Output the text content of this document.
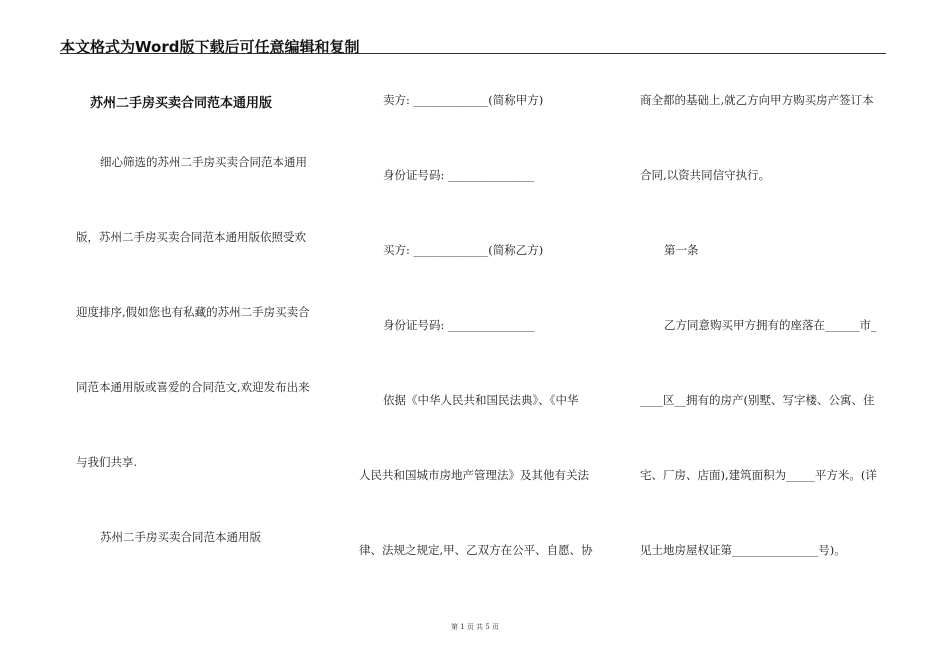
本文格式为Word版下载后可任意编辑和复制
苏州二手房买卖合同范本通用版
细心筛选的苏州二手房买卖合同范本通用
版，苏州二手房买卖合同范本通用版依照受欢
迎度排序,假如您也有私藏的苏州二手房买卖合
同范本通用版或喜爱的合同范文,欢迎发布出来
与我们共享.
苏州二手房买卖合同范本通用版
卖方: _____________(简称甲方)
身份证号码: _______________
买方: _____________(简称乙方)
身份证号码: _______________
依据《中华人民共和国民法典》、《中华
人民共和国城市房地产管理法》及其他有关法
律、法规之规定,甲、乙双方在公平、自愿、协
商全都的基础上,就乙方向甲方购买房产签订本
合同,以资共同信守执行。
第一条
乙方同意购买甲方拥有的座落在______市_
____区__拥有的房产(别墅、写字楼、公寓、住
宅、厂房、店面),建筑面积为_____平方米。(详
见土地房屋权证第_______________号)。
第 1 页 共 5 页
